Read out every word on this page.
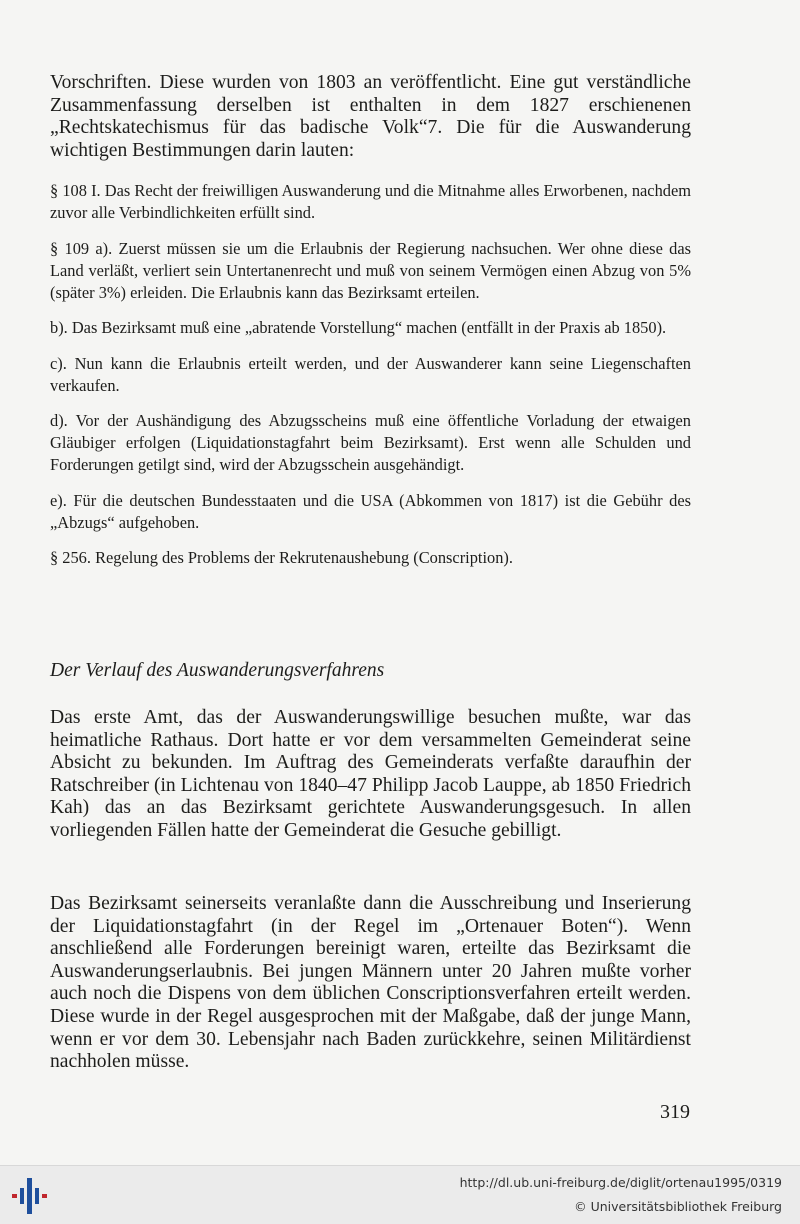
Vorschriften. Diese wurden von 1803 an veröffentlicht. Eine gut verständliche Zusammenfassung derselben ist enthalten in dem 1827 erschienenen „Rechtskatechismus für das badische Volk“7. Die für die Auswanderung wichtigen Bestimmungen darin lauten:

§ 108 I. Das Recht der freiwilligen Auswanderung und die Mitnahme alles Erworbenen, nachdem zuvor alle Verbindlichkeiten erfüllt sind.

§ 109 a). Zuerst müssen sie um die Erlaubnis der Regierung nachsuchen. Wer ohne diese das Land verläßt, verliert sein Untertanenrecht und muß von seinem Vermögen einen Abzug von 5% (später 3%) erleiden. Die Erlaubnis kann das Bezirksamt erteilen.

b). Das Bezirksamt muß eine „abratende Vorstellung“ machen (entfällt in der Praxis ab 1850).

c). Nun kann die Erlaubnis erteilt werden, und der Auswanderer kann seine Liegenschaften verkaufen.

d). Vor der Aushändigung des Abzugsscheins muß eine öffentliche Vorladung der etwaigen Gläubiger erfolgen (Liquidationstagfahrt beim Bezirksamt). Erst wenn alle Schulden und Forderungen getilgt sind, wird der Abzugsschein ausgehändigt.

e). Für die deutschen Bundesstaaten und die USA (Abkommen von 1817) ist die Gebühr des „Abzugs“ aufgehoben.

§ 256. Regelung des Problems der Rekrutenaushebung (Conscription).

Der Verlauf des Auswanderungsverfahrens

Das erste Amt, das der Auswanderungswillige besuchen mußte, war das heimatliche Rathaus. Dort hatte er vor dem versammelten Gemeinderat seine Absicht zu bekunden. Im Auftrag des Gemeinderats verfaßte daraufhin der Ratschreiber (in Lichtenau von 1840–47 Philipp Jacob Lauppe, ab 1850 Friedrich Kah) das an das Bezirksamt gerichtete Auswanderungsgesuch. In allen vorliegenden Fällen hatte der Gemeinderat die Gesuche gebilligt.

Das Bezirksamt seinerseits veranlaßte dann die Ausschreibung und Inserierung der Liquidationstagfahrt (in der Regel im „Ortenauer Boten“). Wenn anschließend alle Forderungen bereinigt waren, erteilte das Bezirksamt die Auswanderungserlaubnis. Bei jungen Männern unter 20 Jahren mußte vorher auch noch die Dispens von dem üblichen Conscriptionsverfahren erteilt werden. Diese wurde in der Regel ausgesprochen mit der Maßgabe, daß der junge Mann, wenn er vor dem 30. Lebensjahr nach Baden zurückkehre, seinen Militärdienst nachholen müsse.

319
http://dl.ub.uni-freiburg.de/diglit/ortenau1995/0319
© Universitätsbibliothek Freiburg
